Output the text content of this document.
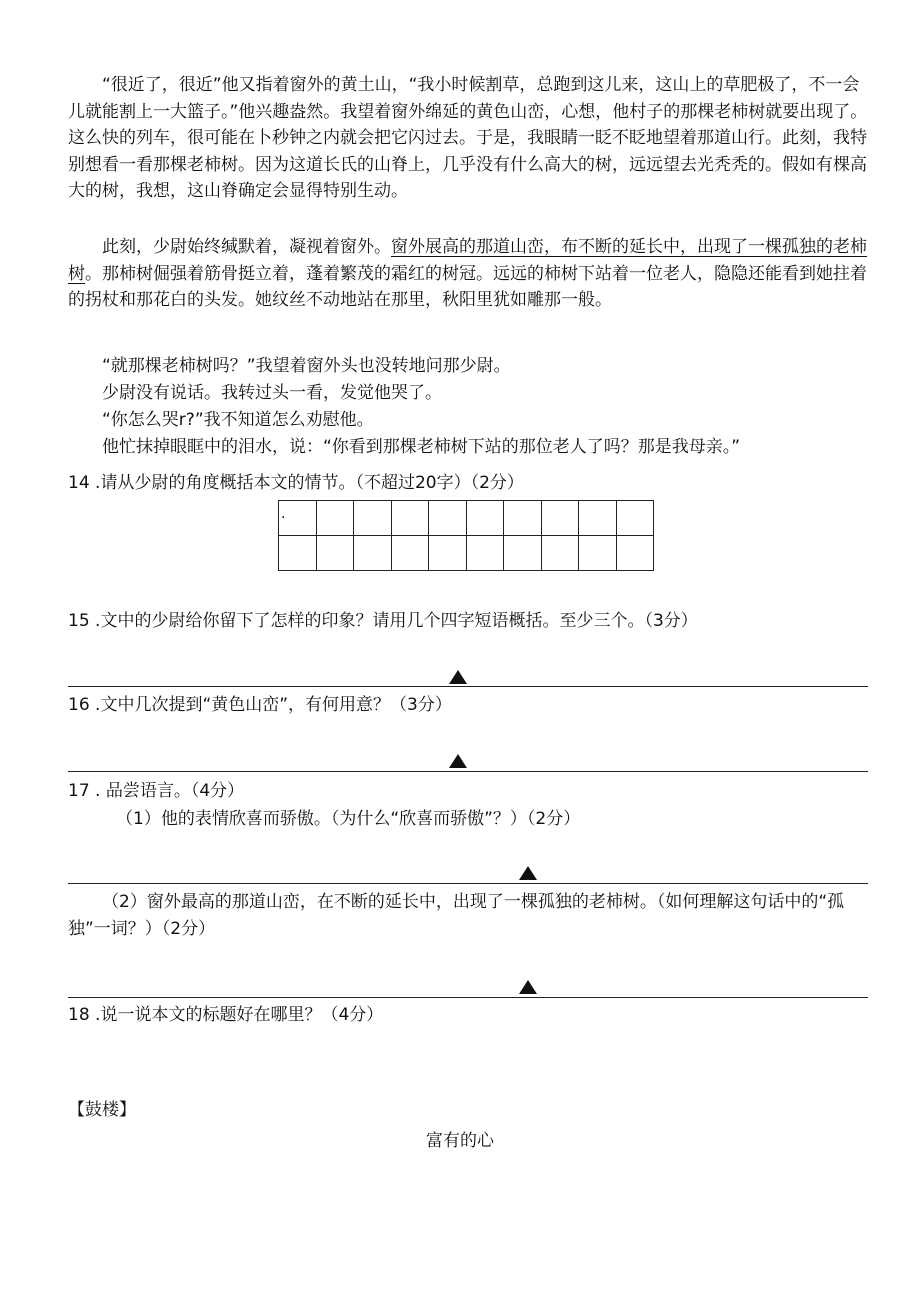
“很近了，很近”他又指着窗外的黄土山，“我小时候割草，总跑到这儿来，这山上的草肥极了，不一会儿就能割上一大篮子。”他兴趣盎然。我望着窗外绵延的黄色山峦，心想，他村子的那棵老柿树就要出现了。这么快的列车，很可能在卜秒钟之内就会把它闪过去。于是，我眼睛一眨不眨地望着那道山行。此刻，我特别想看一看那棵老柿树。因为这道长氏的山脊上，几乎没有什么高大的树，远远望去光秃秃的。假如有棵高大的树，我想，这山脊确定会显得特别生动。

此刻，少尉始终缄默着，凝视着窗外。窗外展高的那道山峦，布不断的延长中，出现了一棵孤独的老柿树。那柿树倔强着筋骨挺立着，蓬着繁茂的霜红的树冠。远远的柿树下站着一位老人，隐隐还能看到她拄着的拐杖和那花白的头发。她纹丝不动地站在那里，秋阳里犹如雕那一般。

“就那棵老柿树吗？”我望着窗外头也没转地问那少尉。

少尉没有说话。我转过头一看，发觉他哭了。

“你怎么哭r?”我不知道怎么劝慰他。

他忙抹掉眼眶中的泪水，说：“你看到那棵老柿树下站的那位老人了吗？那是我母亲。”

14 .请从少尉的角度概括本文的情节。（不超过20字）（2分）
·									

15 .文中的少尉给你留下了怎样的印象？请用几个四字短语概括。至少三个。（3分）
16 .文中几次提到“黄色山峦”，有何用意？（3分）
17 . 品尝语言。（4分）
（1）他的表情欣喜而骄傲。（为什么“欣喜而骄傲”？）（2分）
（2）窗外最高的那道山峦，在不断的延长中，出现了一棵孤独的老柿树。（如何理解这句话中的“孤独”一词？）（2分）
18 .说一说本文的标题好在哪里？（4分）
【鼓楼】
富有的心
